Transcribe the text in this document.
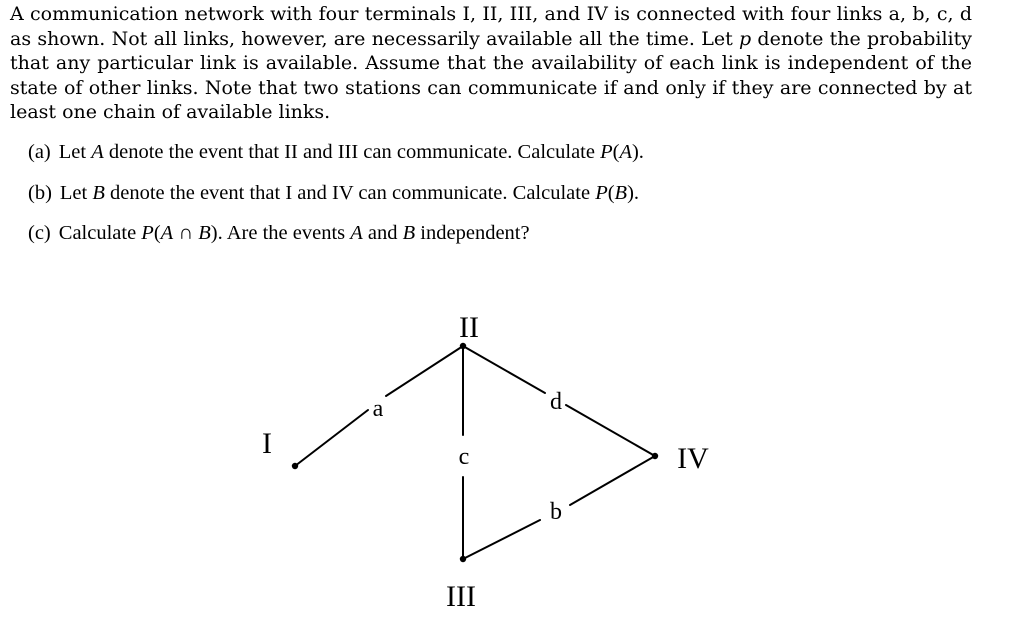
A communication network with four terminals I, II, III, and IV is connected with four links a, b, c, d as shown. Not all links, however, are necessarily available all the time. Let p denote the probability that any particular link is available. Assume that the availability of each link is independent of the state of other links. Note that two stations can communicate if and only if they are connected by at least one chain of available links.

(a) Let A denote the event that II and III can communicate. Calculate P(A).
(b) Let B denote the event that I and IV can communicate. Calculate P(B).
(c) Calculate P(A ∩ B). Are the events A and B independent?
I
II
III
IV
a	d
c
b
